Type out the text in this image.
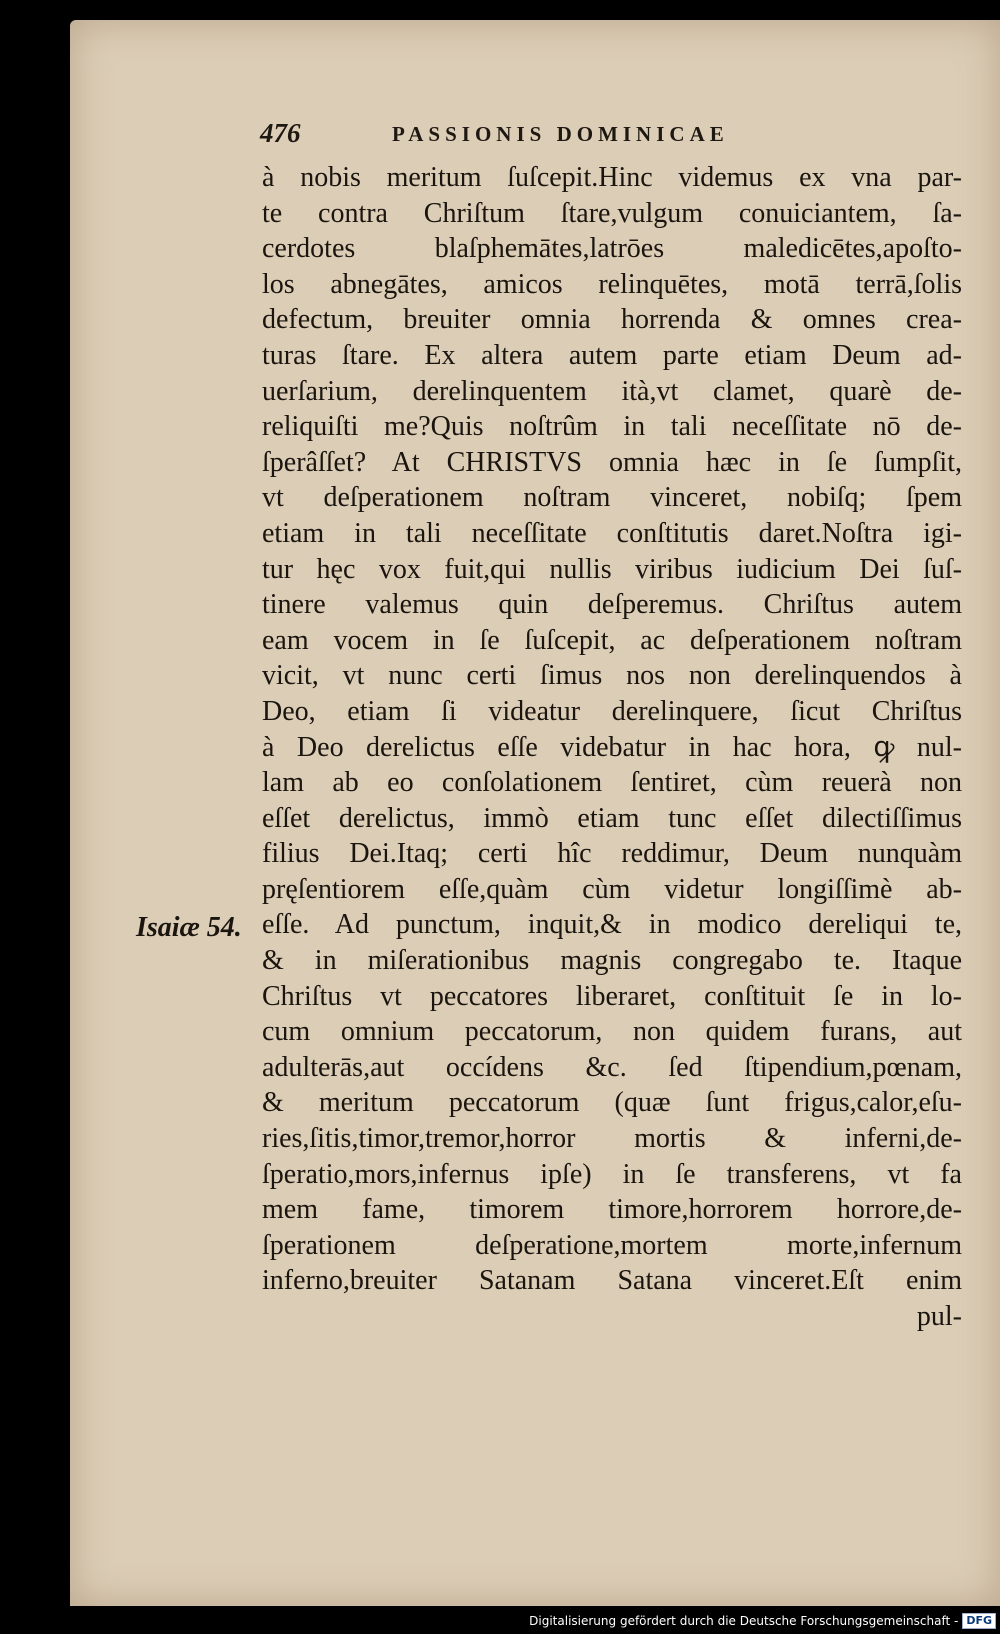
476	PASSIONIS DOMINICAE
Isaiæ 54.
à nobis meritum ſuſcepit.Hinc videmus ex vna par-
te contra Chriſtum ſtare,vulgum conuiciantem, ſa-
cerdotes blaſphemātes,latrōes maledicētes,apoſto-
los abnegātes, amicos relinquētes, motā terrā,ſolis
defectum, breuiter omnia horrenda & omnes crea-
turas ſtare. Ex altera autem parte etiam Deum ad-
uerſarium, derelinquentem ità,vt clamet, quarè de-
reliquiſti me?Quis noſtrûm in tali neceſſitate nō de-
ſperâſſet? At CHRISTVS omnia hæc in ſe ſumpſit,
vt deſperationem noſtram vinceret, nobiſq; ſpem
etiam in tali neceſſitate conſtitutis daret.Noſtra igi-
tur hęc vox fuit,qui nullis viribus iudicium Dei ſuſ-
tinere valemus quin deſperemus. Chriſtus autem
eam vocem in ſe ſuſcepit, ac deſperationem noſtram
vicit, vt nunc certi ſimus nos non derelinquendos à
Deo, etiam ſi videatur derelinquere, ſicut Chriſtus
à Deo derelictus eſſe videbatur in hac hora, ꝙ nul-
lam ab eo conſolationem ſentiret, cùm reuerà non
eſſet derelictus, immò etiam tunc eſſet dilectiſſimus
filius Dei.Itaq; certi hîc reddimur, Deum nunquàm
pręſentiorem eſſe,quàm cùm videtur longiſſimè ab-
eſſe. Ad punctum, inquit,& in modico dereliqui te,
& in miſerationibus magnis congregabo te. Itaque
Chriſtus vt peccatores liberaret, conſtituit ſe in lo-
cum omnium peccatorum, non quidem furans, aut
adulterās,aut occídens &c. ſed ſtipendium,pœnam,
& meritum peccatorum (quæ ſunt frigus,calor,eſu-
ries,ſitis,timor,tremor,horror mortis & inferni,de-
ſperatio,mors,infernus ipſe) in ſe transferens, vt fa
mem fame, timorem timore,horrorem horrore,de-
ſperationem deſperatione,mortem morte,infernum
inferno,breuiter Satanam Satana vinceret.Eſt enim
pul-
Digitalisierung gefördert durch die Deutsche Forschungsgemeinschaft - DFG
